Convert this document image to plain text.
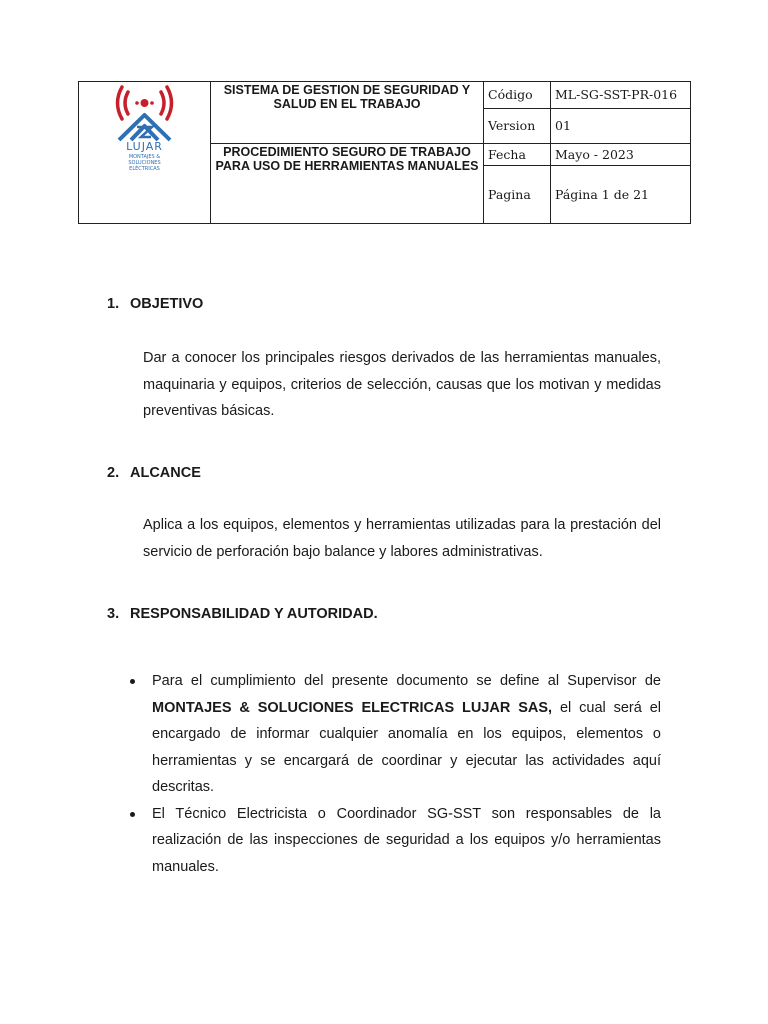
	SISTEMA DE GESTION DE SEGURIDAD Y SALUD EN EL TRABAJO	Código	ML-SG-SST-PR-016
		Version	01
	PROCEDIMIENTO SEGURO DE TRABAJO PARA USO DE HERRAMIENTAS MANUALES	Fecha	Mayo - 2023
		Pagina	Página 1 de 21
LUJAR
MONTAJES & SOLUCIONES ELÉCTRICAS
1. OBJETIVO

Dar a conocer los principales riesgos derivados de las herramientas manuales, maquinaria y equipos, criterios de selección, causas que los motivan y medidas preventivas básicas.

2. ALCANCE

Aplica a los equipos, elementos y herramientas utilizadas para la prestación del servicio de perforación bajo balance y labores administrativas.

3. RESPONSABILIDAD Y AUTORIDAD.
Para el cumplimiento del presente documento se define al Supervisor de MONTAJES & SOLUCIONES ELECTRICAS LUJAR SAS, el cual será el encargado de informar cualquier anomalía en los equipos, elementos o herramientas y se encargará de coordinar y ejecutar las actividades aquí descritas.
El Técnico Electricista o Coordinador SG-SST son responsables de la realización de las inspecciones de seguridad a los equipos y/o herramientas manuales.
